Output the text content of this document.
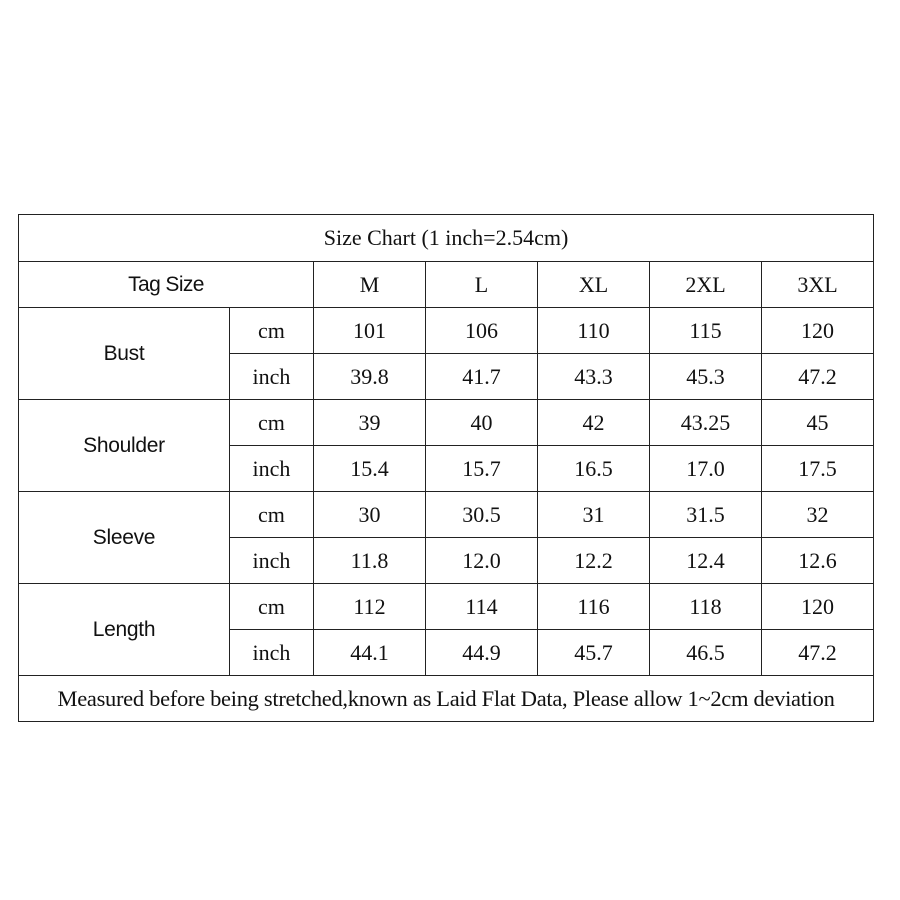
Size Chart (1 inch=2.54cm)						
Tag Size		M	L	XL	2XL	3XL
Bust	cm	101	106	110	115	120
	inch	39.8	41.7	43.3	45.3	47.2
Shoulder	cm	39	40	42	43.25	45
	inch	15.4	15.7	16.5	17.0	17.5
Sleeve	cm	30	30.5	31	31.5	32
	inch	11.8	12.0	12.2	12.4	12.6
Length	cm	112	114	116	118	120
	inch	44.1	44.9	45.7	46.5	47.2
Measured before being stretched,known as Laid Flat Data, Please allow 1~2cm deviation						
